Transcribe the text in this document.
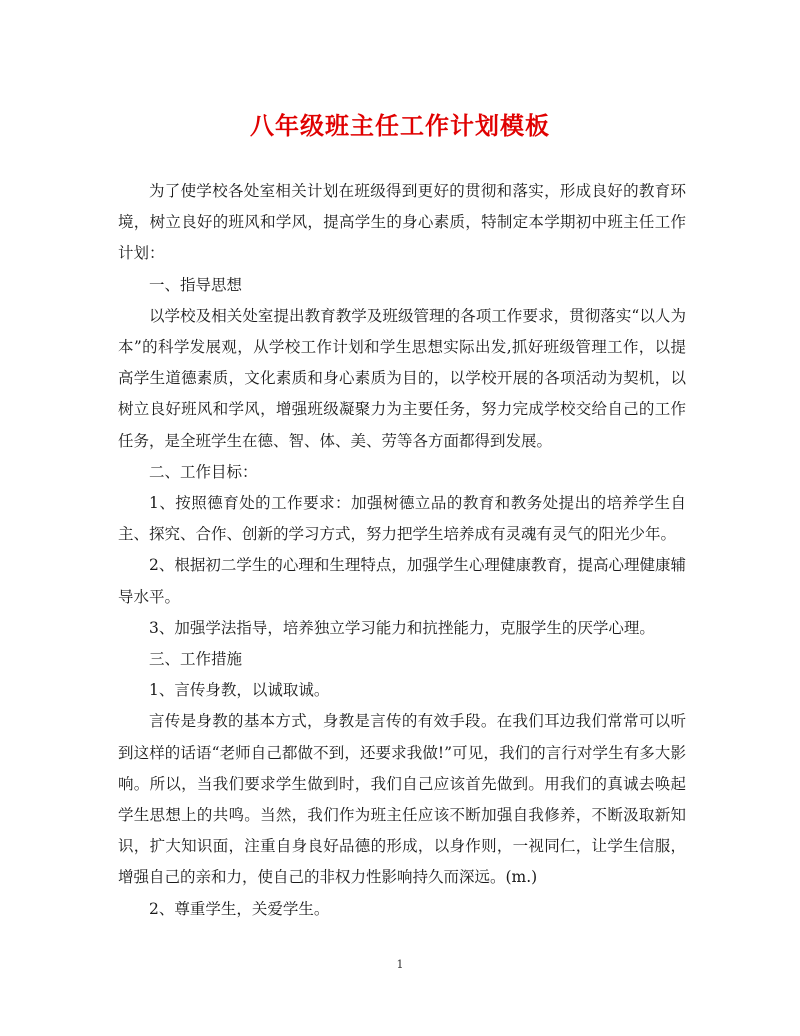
八年级班主任工作计划模板

为了使学校各处室相关计划在班级得到更好的贯彻和落实，形成良好的教育环境，树立良好的班风和学风，提高学生的身心素质，特制定本学期初中班主任工作计划：

一、指导思想

以学校及相关处室提出教育教学及班级管理的各项工作要求，贯彻落实“以人为本”的科学发展观，从学校工作计划和学生思想实际出发,抓好班级管理工作，以提高学生道德素质，文化素质和身心素质为目的，以学校开展的各项活动为契机，以树立良好班风和学风，增强班级凝聚力为主要任务，努力完成学校交给自己的工作任务，是全班学生在德、智、体、美、劳等各方面都得到发展。

二、工作目标：

1、按照德育处的工作要求：加强树德立品的教育和教务处提出的培养学生自主、探究、合作、创新的学习方式，努力把学生培养成有灵魂有灵气的阳光少年。

2、根据初二学生的心理和生理特点，加强学生心理健康教育，提高心理健康辅导水平。

3、加强学法指导，培养独立学习能力和抗挫能力，克服学生的厌学心理。

三、工作措施

1、言传身教，以诚取诚。

言传是身教的基本方式，身教是言传的有效手段。在我们耳边我们常常可以听到这样的话语“老师自己都做不到，还要求我做!”可见，我们的言行对学生有多大影响。所以，当我们要求学生做到时，我们自己应该首先做到。用我们的真诚去唤起学生思想上的共鸣。当然，我们作为班主任应该不断加强自我修养，不断汲取新知识，扩大知识面，注重自身良好品德的形成，以身作则，一视同仁，让学生信服，增强自己的亲和力，使自己的非权力性影响持久而深远。(m.)

2、尊重学生，关爱学生。

1
